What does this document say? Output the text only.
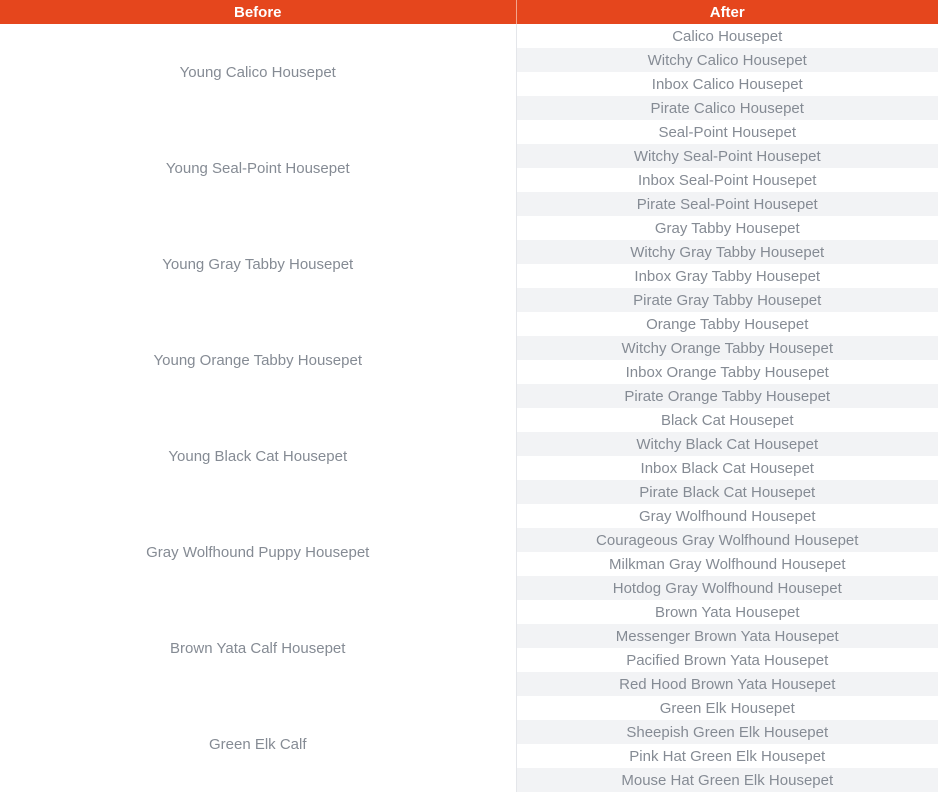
Before	After
Young Calico Housepet	Calico Housepet
	Witchy Calico Housepet
	Inbox Calico Housepet
	Pirate Calico Housepet
Young Seal-Point Housepet	Seal-Point Housepet
	Witchy Seal-Point Housepet
	Inbox Seal-Point Housepet
	Pirate Seal-Point Housepet
Young Gray Tabby Housepet	Gray Tabby Housepet
	Witchy Gray Tabby Housepet
	Inbox Gray Tabby Housepet
	Pirate Gray Tabby Housepet
Young Orange Tabby Housepet	Orange Tabby Housepet
	Witchy Orange Tabby Housepet
	Inbox Orange Tabby Housepet
	Pirate Orange Tabby Housepet
Young Black Cat Housepet	Black Cat Housepet
	Witchy Black Cat Housepet
	Inbox Black Cat Housepet
	Pirate Black Cat Housepet
Gray Wolfhound Puppy Housepet	Gray Wolfhound Housepet
	Courageous Gray Wolfhound Housepet
	Milkman Gray Wolfhound Housepet
	Hotdog Gray Wolfhound Housepet
Brown Yata Calf Housepet	Brown Yata Housepet
	Messenger Brown Yata Housepet
	Pacified Brown Yata Housepet
	Red Hood Brown Yata Housepet
Green Elk Calf	Green Elk Housepet
	Sheepish Green Elk Housepet
	Pink Hat Green Elk Housepet
	Mouse Hat Green Elk Housepet
